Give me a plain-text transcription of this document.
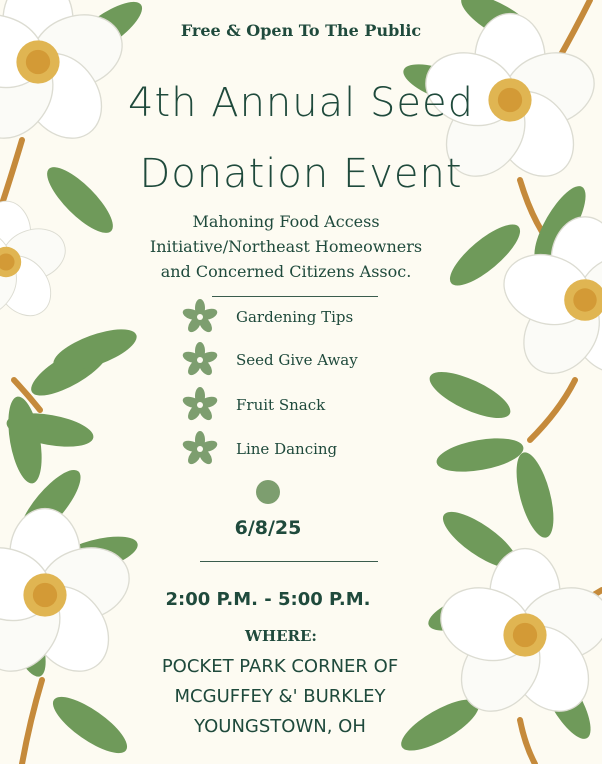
Free & Open To The Public
4th Annual Seed
Donation Event
Mahoning Food Access
Initiative/Northeast Homeowners
and Concerned Citizens Assoc.
Gardening Tips
Seed Give Away
Fruit Snack
Line Dancing
6/8/25
2:00 P.M. - 5:00 P.M.
WHERE:
POCKET PARK CORNER OF
MCGUFFEY &' BURKLEY
YOUNGSTOWN, OH
